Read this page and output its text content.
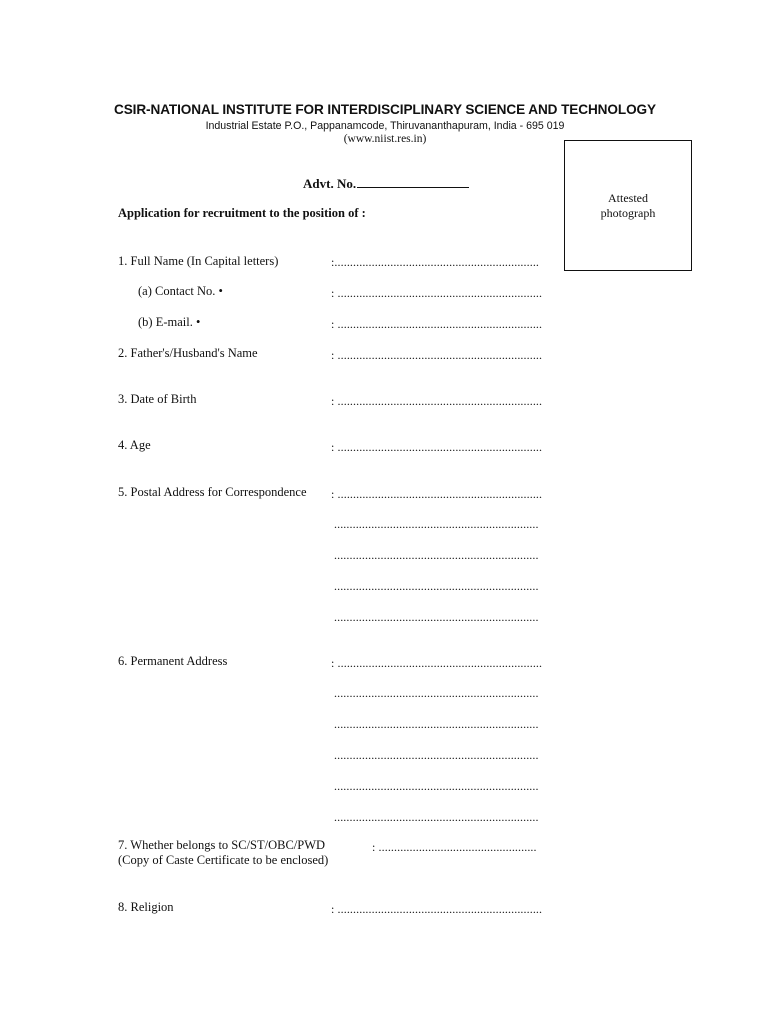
CSIR-NATIONAL INSTITUTE FOR INTERDISCIPLINARY SCIENCE AND TECHNOLOGY
Industrial Estate P.O., Pappanamcode, Thiruvananthapuram, India - 695 019
(www.niist.res.in)
Attested
photograph
Advt. No.
Application for recruitment to the position of :
1. Full Name (In Capital letters)	:..................................................................
(a) Contact No. •	: ..................................................................
(b) E-mail. •	: ..................................................................
2. Father's/Husband's Name	: ..................................................................
3. Date of Birth	: ..................................................................
4. Age	: ..................................................................
5. Postal Address for Correspondence : ..................................................................
..................................................................
..................................................................
..................................................................
..................................................................
6. Permanent Address	: ..................................................................
..................................................................
..................................................................
..................................................................
..................................................................
..................................................................
7. Whether belongs to SC/ST/OBC/PWD
(Copy of Caste Certificate to be enclosed)
: ...................................................
8. Religion	: ..................................................................
